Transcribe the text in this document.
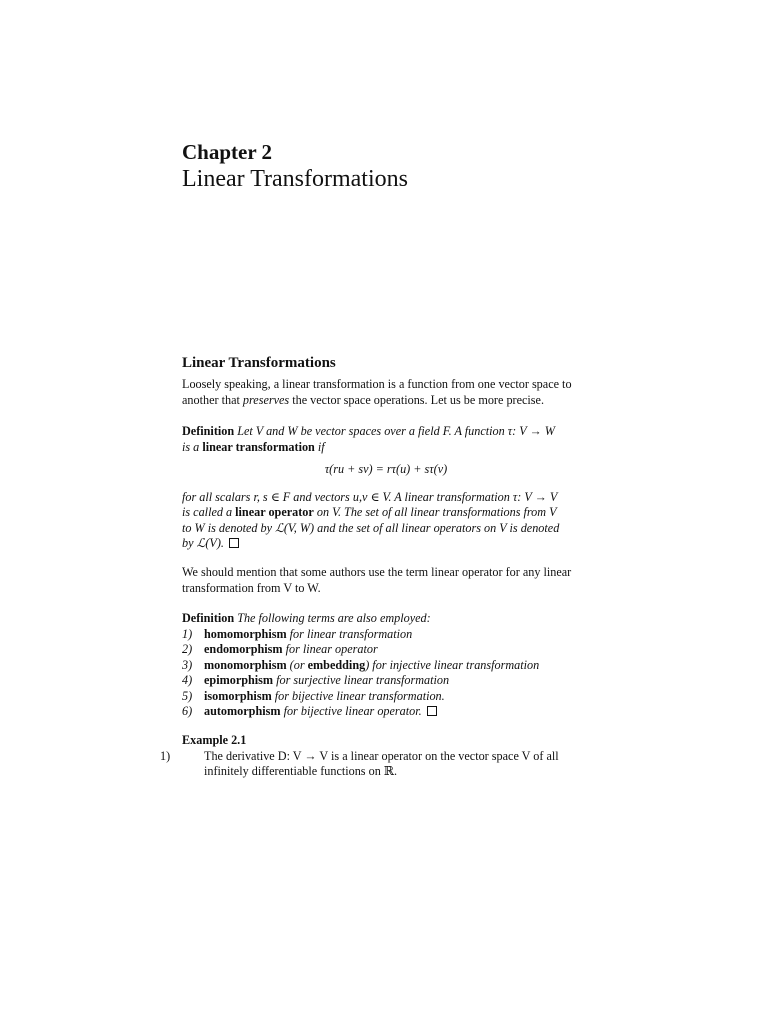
Chapter 2
Linear Transformations
Linear Transformations
Loosely speaking, a linear transformation is a function from one vector space to
another that preserves the vector space operations. Let us be more precise.
Definition Let V and W be vector spaces over a field F. A function τ: V → W
is a linear transformation if
τ(ru + sv) = rτ(u) + sτ(v)
for all scalars r, s ∈ F and vectors u,v ∈ V. A linear transformation τ: V → V
is called a linear operator on V. The set of all linear transformations from V
to W is denoted by ℒ(V, W) and the set of all linear operators on V is denoted
by ℒ(V).
We should mention that some authors use the term linear operator for any linear
transformation from V to W.
Definition The following terms are also employed:
1) homomorphism for linear transformation
2) endomorphism for linear operator
3) monomorphism (or embedding) for injective linear transformation
4) epimorphism for surjective linear transformation
5) isomorphism for bijective linear transformation.
6) automorphism for bijective linear operator.
Example 2.1
1)	The derivative D: V → V is a linear operator on the vector space V of all
infinitely differentiable functions on ℝ.
